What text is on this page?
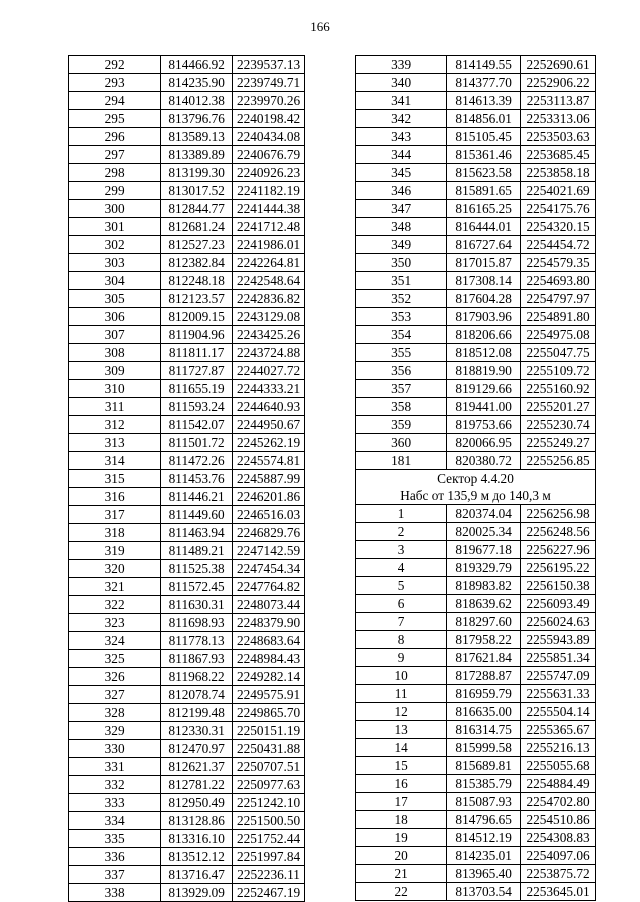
166
292	814466.92	2239537.13
293	814235.90	2239749.71
294	814012.38	2239970.26
295	813796.76	2240198.42
296	813589.13	2240434.08
297	813389.89	2240676.79
298	813199.30	2240926.23
299	813017.52	2241182.19
300	812844.77	2241444.38
301	812681.24	2241712.48
302	812527.23	2241986.01
303	812382.84	2242264.81
304	812248.18	2242548.64
305	812123.57	2242836.82
306	812009.15	2243129.08
307	811904.96	2243425.26
308	811811.17	2243724.88
309	811727.87	2244027.72
310	811655.19	2244333.21
311	811593.24	2244640.93
312	811542.07	2244950.67
313	811501.72	2245262.19
314	811472.26	2245574.81
315	811453.76	2245887.99
316	811446.21	2246201.86
317	811449.60	2246516.03
318	811463.94	2246829.76
319	811489.21	2247142.59
320	811525.38	2247454.34
321	811572.45	2247764.82
322	811630.31	2248073.44
323	811698.93	2248379.90
324	811778.13	2248683.64
325	811867.93	2248984.43
326	811968.22	2249282.14
327	812078.74	2249575.91
328	812199.48	2249865.70
329	812330.31	2250151.19
330	812470.97	2250431.88
331	812621.37	2250707.51
332	812781.22	2250977.63
333	812950.49	2251242.10
334	813128.86	2251500.50
335	813316.10	2251752.44
336	813512.12	2251997.84
337	813716.47	2252236.11
338	813929.09	2252467.19
339	814149.55	2252690.61
340	814377.70	2252906.22
341	814613.39	2253113.87
342	814856.01	2253313.06
343	815105.45	2253503.63
344	815361.46	2253685.45
345	815623.58	2253858.18
346	815891.65	2254021.69
347	816165.25	2254175.76
348	816444.01	2254320.15
349	816727.64	2254454.72
350	817015.87	2254579.35
351	817308.14	2254693.80
352	817604.28	2254797.97
353	817903.96	2254891.80
354	818206.66	2254975.08
355	818512.08	2255047.75
356	818819.90	2255109.72
357	819129.66	2255160.92
358	819441.00	2255201.27
359	819753.66	2255230.74
360	820066.95	2255249.27
181	820380.72	2255256.85
Сектор 4.4.20		
Набс от 135,9 м до 140,3 м		
1	820374.04	2256256.98
2	820025.34	2256248.56
3	819677.18	2256227.96
4	819329.79	2256195.22
5	818983.82	2256150.38
6	818639.62	2256093.49
7	818297.60	2256024.63
8	817958.22	2255943.89
9	817621.84	2255851.34
10	817288.87	2255747.09
11	816959.79	2255631.33
12	816635.00	2255504.14
13	816314.75	2255365.67
14	815999.58	2255216.13
15	815689.81	2255055.68
16	815385.79	2254884.49
17	815087.93	2254702.80
18	814796.65	2254510.86
19	814512.19	2254308.83
20	814235.01	2254097.06
21	813965.40	2253875.72
22	813703.54	2253645.01
